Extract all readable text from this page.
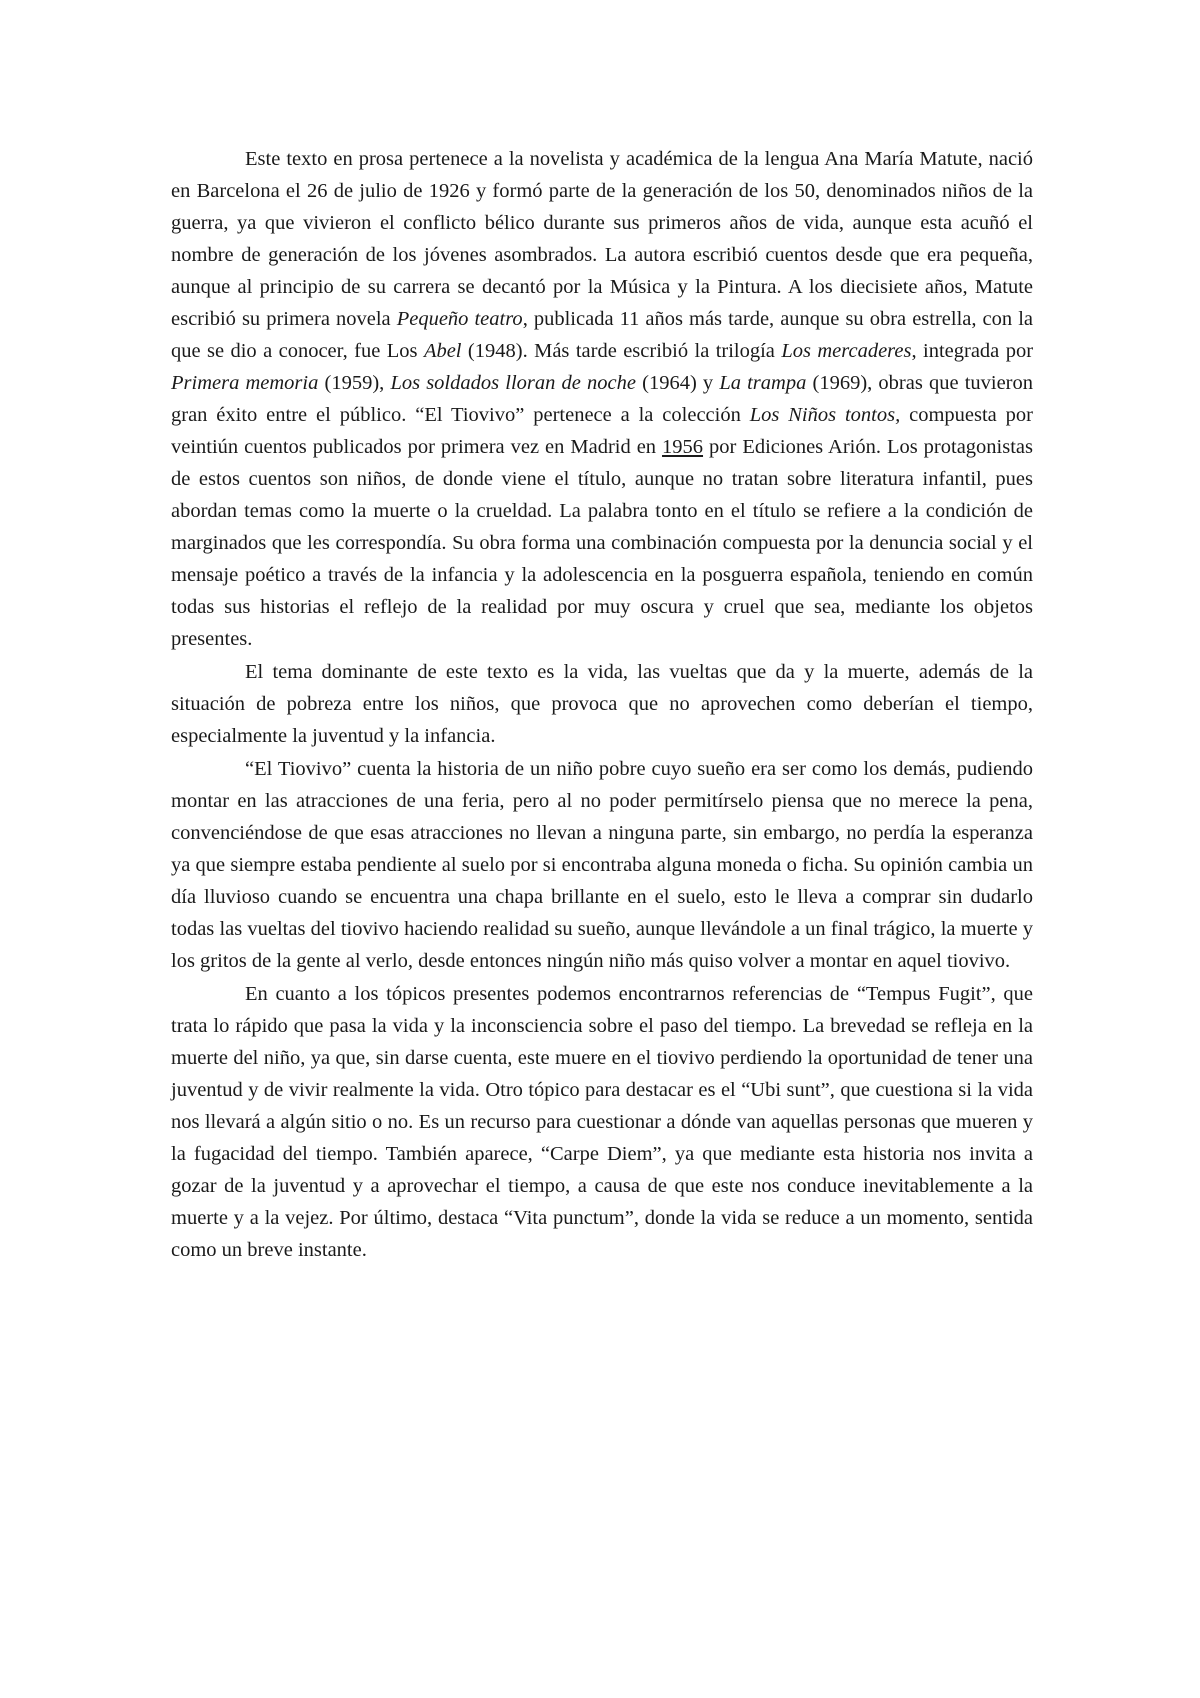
Este texto en prosa pertenece a la novelista y académica de la lengua Ana María Matute, nació en Barcelona el 26 de julio de 1926 y formó parte de la generación de los 50, denominados niños de la guerra, ya que vivieron el conflicto bélico durante sus primeros años de vida, aunque esta acuñó el nombre de generación de los jóvenes asombrados. La autora escribió cuentos desde que era pequeña, aunque al principio de su carrera se decantó por la Música y la Pintura. A los diecisiete años, Matute escribió su primera novela Pequeño teatro, publicada 11 años más tarde, aunque su obra estrella, con la que se dio a conocer, fue Los Abel (1948). Más tarde escribió la trilogía Los mercaderes, integrada por Primera memoria (1959), Los soldados lloran de noche (1964) y La trampa (1969), obras que tuvieron gran éxito entre el público. “El Tiovivo” pertenece a la colección Los Niños tontos, compuesta por veintiún cuentos publicados por primera vez en Madrid en 1956 por Ediciones Arión. Los protagonistas de estos cuentos son niños, de donde viene el título, aunque no tratan sobre literatura infantil, pues abordan temas como la muerte o la crueldad. La palabra tonto en el título se refiere a la condición de marginados que les correspondía. Su obra forma una combinación compuesta por la denuncia social y el mensaje poético a través de la infancia y la adolescencia en la posguerra española, teniendo en común todas sus historias el reflejo de la realidad por muy oscura y cruel que sea, mediante los objetos presentes.

El tema dominante de este texto es la vida, las vueltas que da y la muerte, además de la situación de pobreza entre los niños, que provoca que no aprovechen como deberían el tiempo, especialmente la juventud y la infancia.

“El Tiovivo” cuenta la historia de un niño pobre cuyo sueño era ser como los demás, pudiendo montar en las atracciones de una feria, pero al no poder permitírselo piensa que no merece la pena, convenciéndose de que esas atracciones no llevan a ninguna parte, sin embargo, no perdía la esperanza ya que siempre estaba pendiente al suelo por si encontraba alguna moneda o ficha. Su opinión cambia un día lluvioso cuando se encuentra una chapa brillante en el suelo, esto le lleva a comprar sin dudarlo todas las vueltas del tiovivo haciendo realidad su sueño, aunque llevándole a un final trágico, la muerte y los gritos de la gente al verlo, desde entonces ningún niño más quiso volver a montar en aquel tiovivo.

En cuanto a los tópicos presentes podemos encontrarnos referencias de “Tempus Fugit”, que trata lo rápido que pasa la vida y la inconsciencia sobre el paso del tiempo. La brevedad se refleja en la muerte del niño, ya que, sin darse cuenta, este muere en el tiovivo perdiendo la oportunidad de tener una juventud y de vivir realmente la vida. Otro tópico para destacar es el “Ubi sunt”, que cuestiona si la vida nos llevará a algún sitio o no. Es un recurso para cuestionar a dónde van aquellas personas que mueren y la fugacidad del tiempo. También aparece, “Carpe Diem”, ya que mediante esta historia nos invita a gozar de la juventud y a aprovechar el tiempo, a causa de que este nos conduce inevitablemente a la muerte y a la vejez. Por último, destaca “Vita punctum”, donde la vida se reduce a un momento, sentida como un breve instante.
